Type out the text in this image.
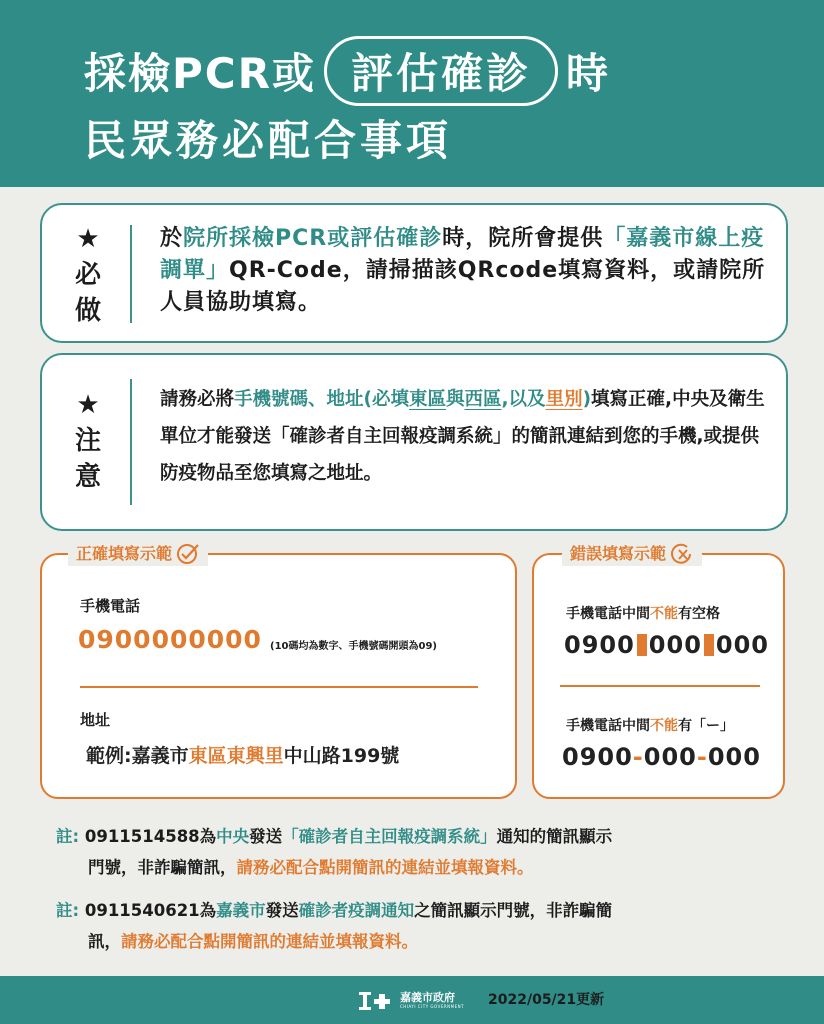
採檢PCR或 評估確診 時
民眾務必配合事項
★
必
做
於院所採檢PCR或評估確診時，院所會提供「嘉義市線上疫調單」QR-Code，請掃描該QRcode填寫資料，或請院所人員協助填寫。
★
注
意
請務必將手機號碼、地址(必填東區與西區,以及里別)填寫正確,中央及衛生單位才能發送「確診者自主回報疫調系統」的簡訊連結到您的手機,或提供防疫物品至您填寫之地址。
正確填寫示範
手機電話
0900000000 (10碼均為數字、手機號碼開頭為09)
地址
範例:嘉義市東區東興里中山路199號
錯誤填寫示範
手機電話中間不能有空格
0900 000 000
手機電話中間不能有「ー」
0900-000-000
註: 0911514588為中央發送「確診者自主回報疫調系統」通知的簡訊顯示
門號，非詐騙簡訊，請務必配合點開簡訊的連結並填報資料。
註: 0911540621為嘉義市發送確診者疫調通知之簡訊顯示門號，非詐騙簡
訊，請務必配合點開簡訊的連結並填報資料。
嘉義市政府
CHIAYI CITY GOVERNMENT 2022/05/21更新
